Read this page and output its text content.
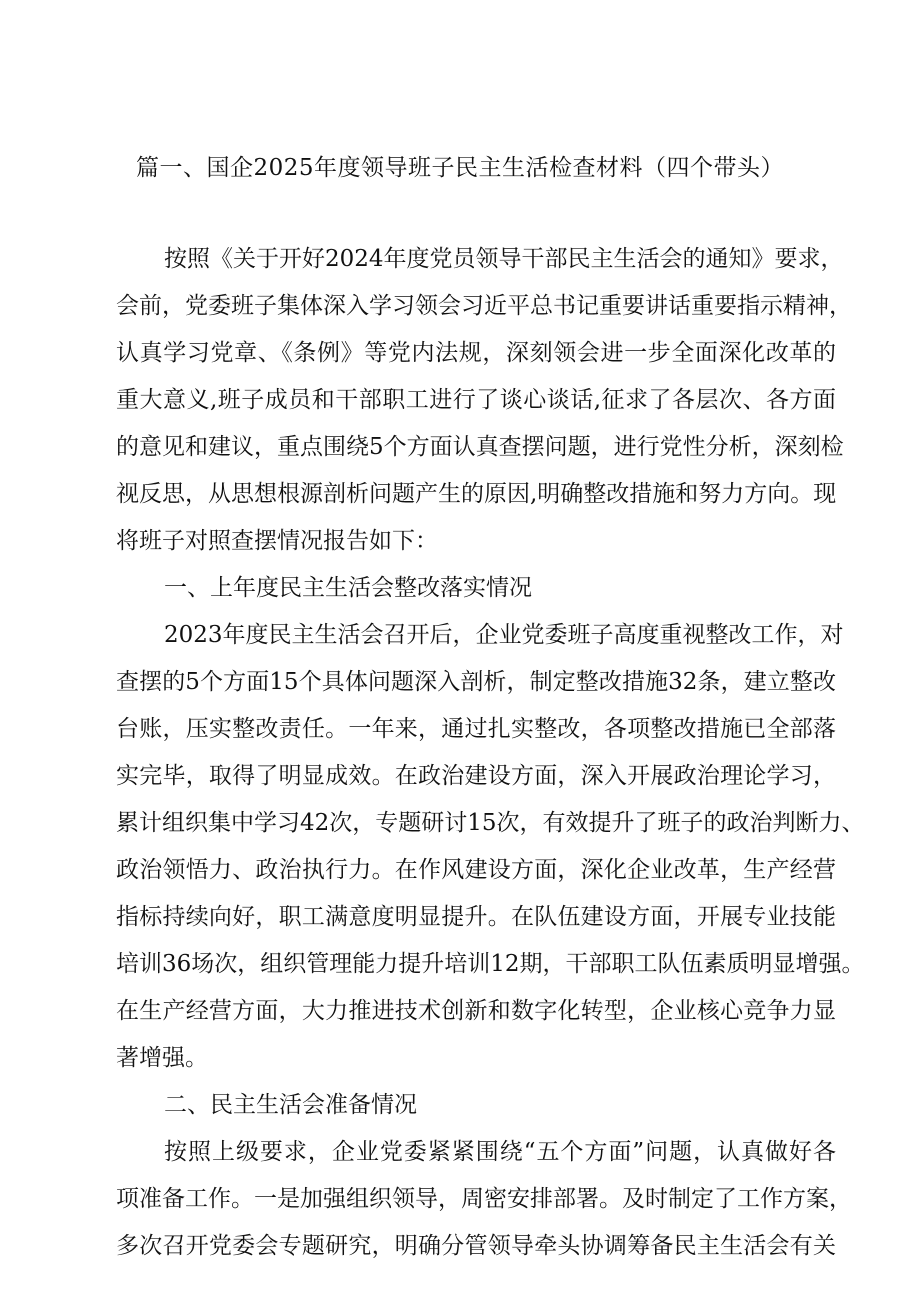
篇一、国企2025年度领导班子民主生活检查材料（四个带头）
按照《关于开好2024年度党员领导干部民主生活会的通知》要求，
会前，党委班子集体深入学习领会习近平总书记重要讲话重要指示精神，
认真学习党章、《条例》等党内法规，深刻领会进一步全面深化改革的
重大意义,班子成员和干部职工进行了谈心谈话,征求了各层次、各方面
的意见和建议，重点围绕5个方面认真查摆问题，进行党性分析，深刻检
视反思，从思想根源剖析问题产生的原因,明确整改措施和努力方向。现
将班子对照查摆情况报告如下：
一、上年度民主生活会整改落实情况
2023年度民主生活会召开后，企业党委班子高度重视整改工作，对
查摆的5个方面15个具体问题深入剖析，制定整改措施32条，建立整改
台账，压实整改责任。一年来，通过扎实整改，各项整改措施已全部落
实完毕，取得了明显成效。在政治建设方面，深入开展政治理论学习，
累计组织集中学习42次，专题研讨15次，有效提升了班子的政治判断力、
政治领悟力、政治执行力。在作风建设方面，深化企业改革，生产经营
指标持续向好，职工满意度明显提升。在队伍建设方面，开展专业技能
培训36场次，组织管理能力提升培训12期，干部职工队伍素质明显增强。
在生产经营方面，大力推进技术创新和数字化转型，企业核心竞争力显
著增强。
二、民主生活会准备情况
按照上级要求，企业党委紧紧围绕“五个方面”问题，认真做好各
项准备工作。一是加强组织领导，周密安排部署。及时制定了工作方案，
多次召开党委会专题研究，明确分管领导牵头协调筹备民主生活会有关
